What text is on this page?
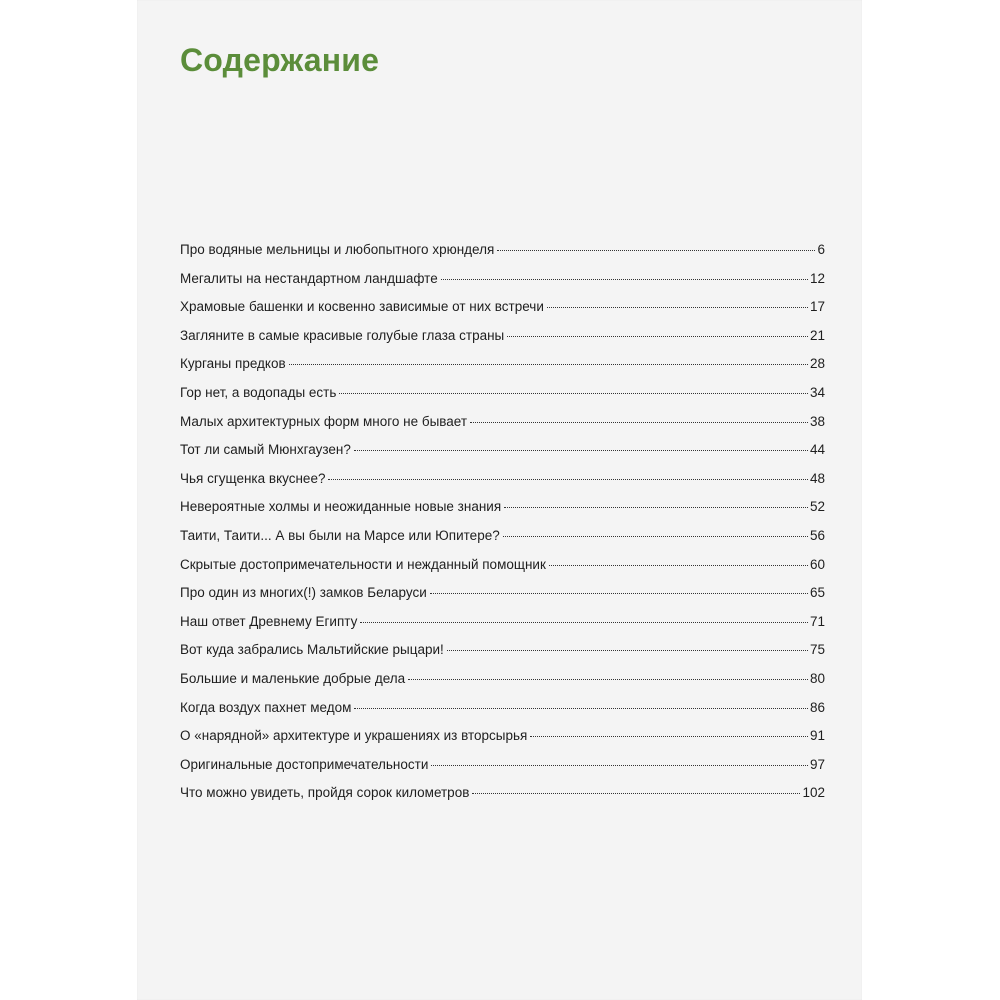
Содержание
Про водяные мельницы и любопытного хрюнделя	6
Мегалиты на нестандартном ландшафте	12
Храмовые башенки и косвенно зависимые от них встречи	17
Загляните в самые красивые голубые глаза страны	21
Курганы предков	28
Гор нет, а водопады есть	34
Малых архитектурных форм много не бывает	38
Тот ли самый Мюнхгаузен?	44
Чья сгущенка вкуснее?	48
Невероятные холмы и неожиданные новые знания	52
Таити, Таити... А вы были на Марсе или Юпитере?	56
Скрытые достопримечательности и нежданный помощник	60
Про один из многих(!) замков Беларуси	65
Наш ответ Древнему Египту	71
Вот куда забрались Мальтийские рыцари!	75
Большие и маленькие добрые дела	80
Когда воздух пахнет медом	86
О «нарядной» архитектуре и украшениях из вторсырья	91
Оригинальные достопримечательности	97
Что можно увидеть, пройдя сорок километров	102
